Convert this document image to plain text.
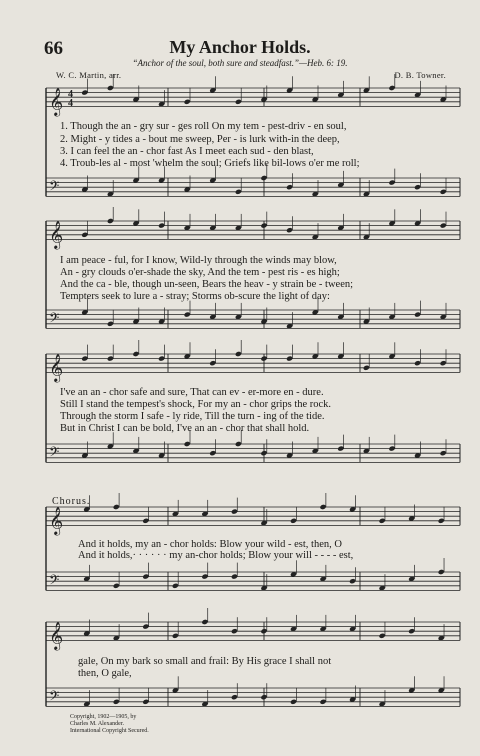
66	My Anchor Holds.
“Anchor of the soul, both sure and steadfast.”—Heb. 6: 19.
W. C. Martin, arr.	D. B. Towner.
𝄞
𝄢
𝄞
𝄢
𝄞
𝄢
𝄞
𝄢
𝄞
𝄢
4
4
1. Though the an - gry sur - ges roll On my tem - pest-driv - en soul,
2. Might - y tides a - bout me sweep, Per - is lurk with-in the deep,
3. I can feel the an - chor fast As I meet each sud - den blast,
4. Troub-les al - most 'whelm the soul; Griefs like bil-lows o'er me roll;
I am peace - ful, for I know, Wild-ly through the winds may blow,
An - gry clouds o'er-shade the sky, And the tem - pest ris - es high;
And the ca - ble, though un-seen, Bears the heav - y strain be - tween;
Tempters seek to lure a - stray; Storms ob-scure the light of day:
I've an an - chor safe and sure, That can ev - er-more en - dure.
Still I stand the tempest's shock, For my an - chor grips the rock.
Through the storm I safe - ly ride, Till the turn - ing of the tide.
But in Christ I can be bold, I've an an - chor that shall hold.
Chorus.
And it holds, my an - chor holds: Blow your wild - est, then, O
And it holds,· · · · · · my an-chor holds; Blow your will - - - - est,
gale, On my bark so small and frail: By His grace I shall not
then, O gale,
Copyright, 1902—1905, by
Charles M. Alexander.
International Copyright Secured.
